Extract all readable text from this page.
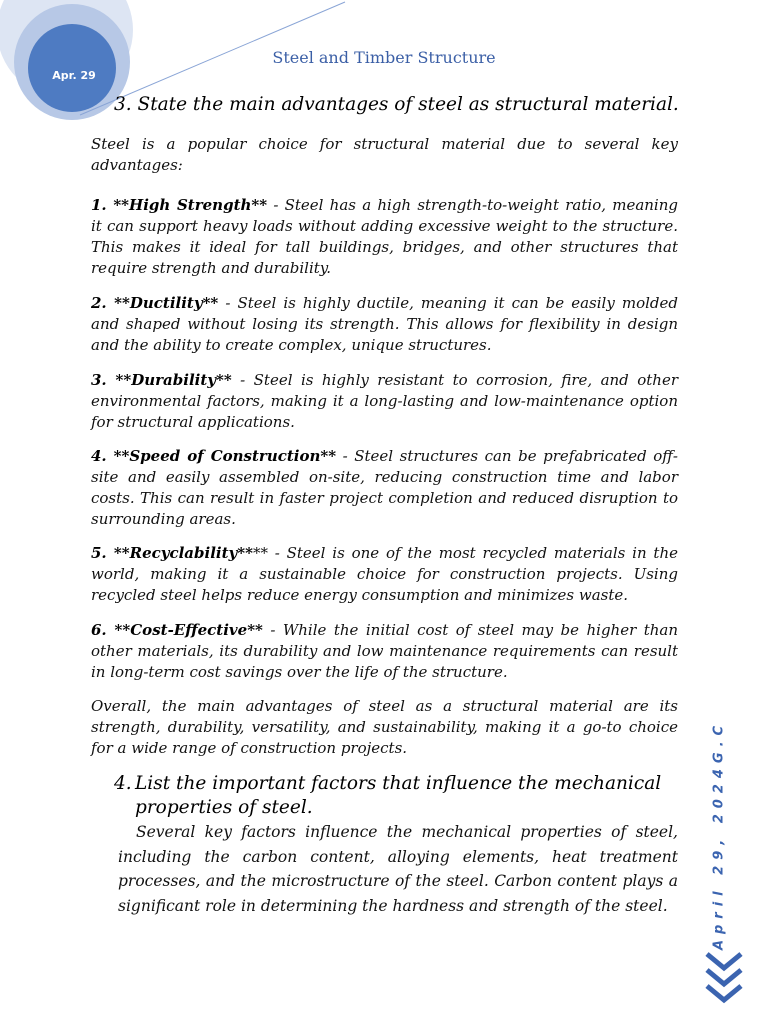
Apr. 29
Steel and Timber Structure
3. State the main advantages of steel as structural material.
Steel is a popular choice for structural material due to several key advantages:
1. **High Strength** - Steel has a high strength-to-weight ratio, meaning it can support heavy loads without adding excessive weight to the structure. This makes it ideal for tall buildings, bridges, and other structures that require strength and durability.
2. **Ductility** - Steel is highly ductile, meaning it can be easily molded and shaped without losing its strength. This allows for flexibility in design and the ability to create complex, unique structures.
3. **Durability** - Steel is highly resistant to corrosion, fire, and other environmental factors, making it a long-lasting and low-maintenance option for structural applications.
4. **Speed of Construction** - Steel structures can be prefabricated off-site and easily assembled on-site, reducing construction time and labor costs. This can result in faster project completion and reduced disruption to surrounding areas.
5. **Recyclability**** - Steel is one of the most recycled materials in the world, making it a sustainable choice for construction projects. Using recycled steel helps reduce energy consumption and minimizes waste.
6. **Cost-Effective** - While the initial cost of steel may be higher than other materials, its durability and low maintenance requirements can result in long-term cost savings over the life of the structure.
Overall, the main advantages of steel as a structural material are its strength, durability, versatility, and sustainability, making it a go-to choice for a wide range of construction projects.
4. List the important factors that influence the mechanical properties of steel.
Several key factors influence the mechanical properties of steel, including the carbon content, alloying elements, heat treatment processes, and the microstructure of the steel. Carbon content plays a significant role in determining the hardness and strength of the steel.	April 29, 2024G.C
